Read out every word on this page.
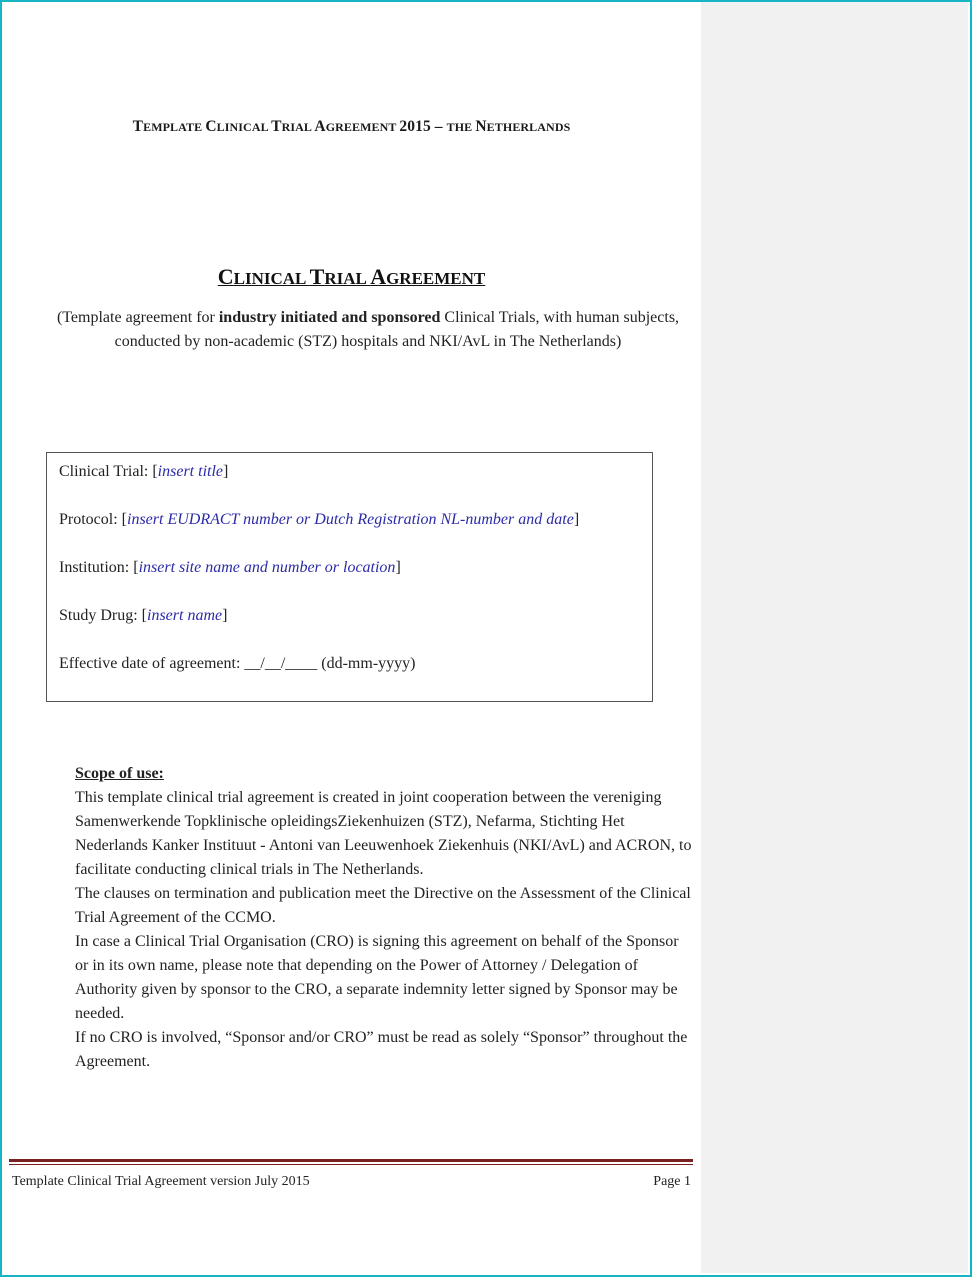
TEMPLATE CLINICAL TRIAL AGREEMENT 2015 – THE NETHERLANDS
CLINICAL TRIAL AGREEMENT
(Template agreement for industry initiated and sponsored Clinical Trials, with human subjects, conducted by non-academic (STZ) hospitals and NKI/AvL in The Netherlands)
Clinical Trial: [insert title]
Protocol: [insert EUDRACT number or Dutch Registration NL-number and date]
Institution: [insert site name and number or location]
Study Drug: [insert name]
Effective date of agreement: __/__/____ (dd-mm-yyyy)

Scope of use:

This template clinical trial agreement is created in joint cooperation between the vereniging Samenwerkende Topklinische opleidingsZiekenhuizen (STZ), Nefarma, Stichting Het Nederlands Kanker Instituut - Antoni van Leeuwenhoek Ziekenhuis (NKI/AvL) and ACRON, to facilitate conducting clinical trials in The Netherlands.

The clauses on termination and publication meet the Directive on the Assessment of the Clinical Trial Agreement of the CCMO.

In case a Clinical Trial Organisation (CRO) is signing this agreement on behalf of the Sponsor or in its own name, please note that depending on the Power of Attorney / Delegation of Authority given by sponsor to the CRO, a separate indemnity letter signed by Sponsor may be needed.

If no CRO is involved, “Sponsor and/or CRO” must be read as solely “Sponsor” throughout the Agreement.

Template Clinical Trial Agreement version July 2015	Page 1
